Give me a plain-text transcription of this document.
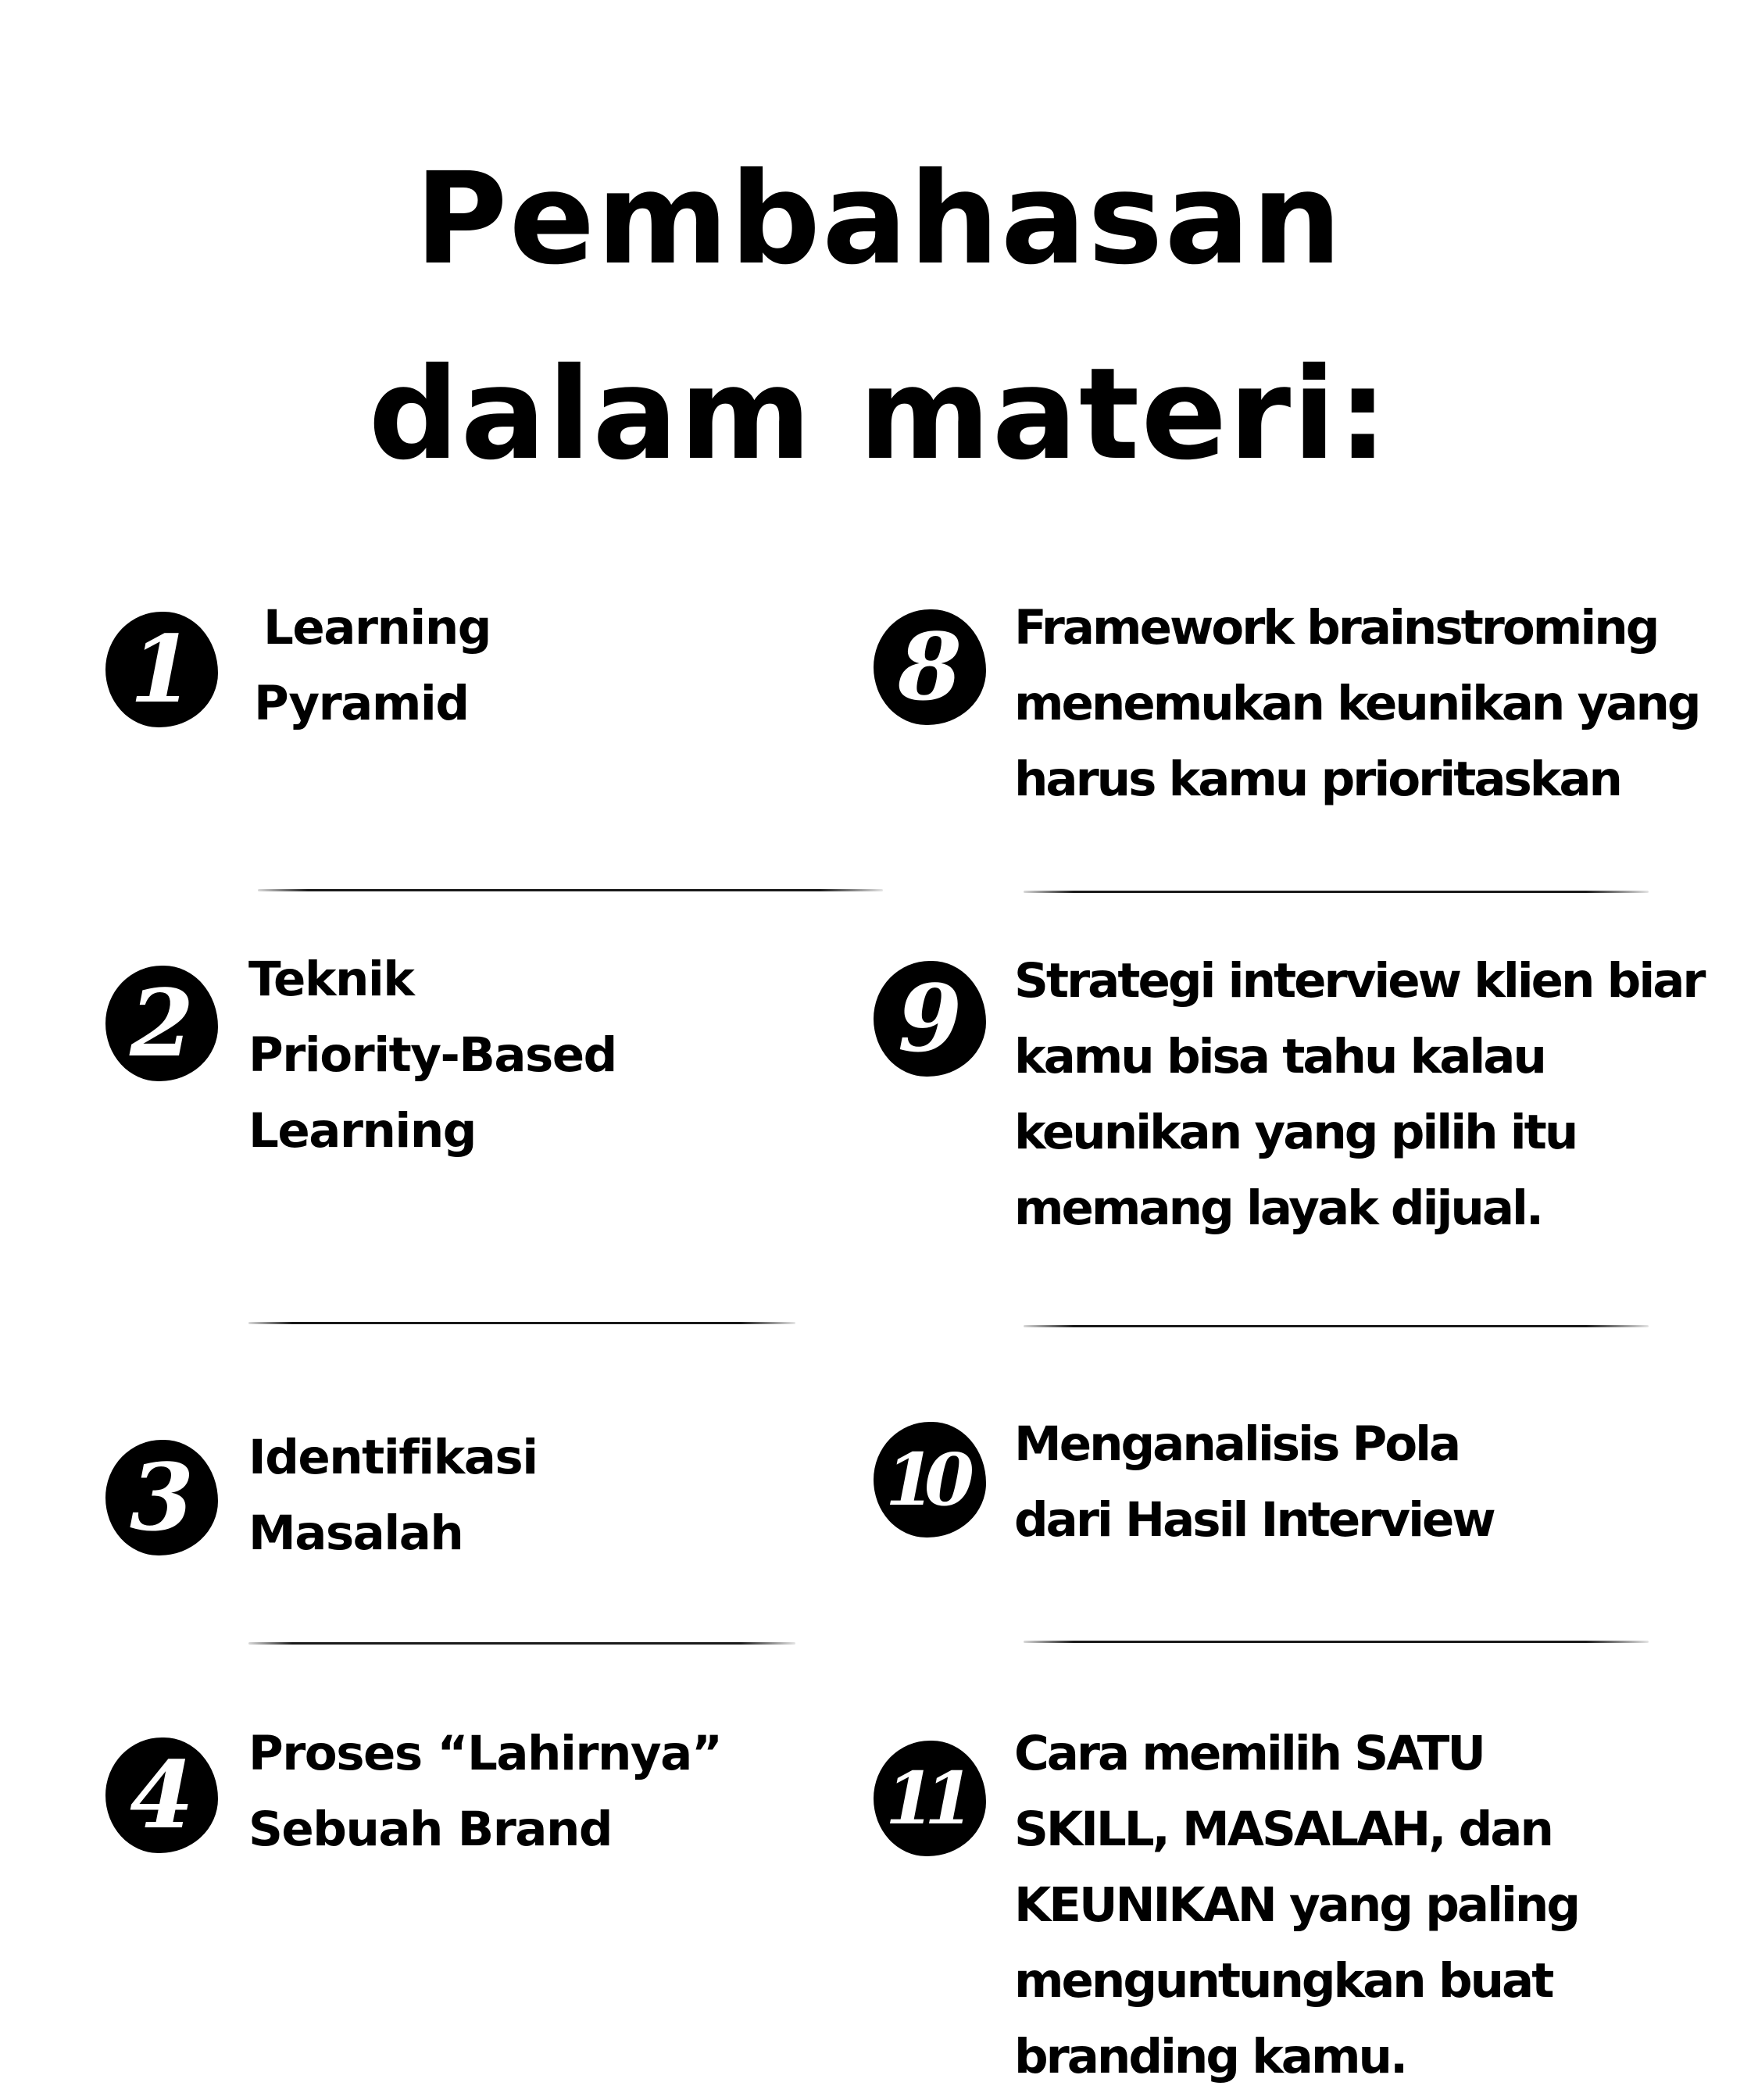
Pembahasan
dalam materi:
1 Learning
Pyramid
2 Teknik
Priority-Based
Learning
3 Identifikasi
Masalah
4 Proses “Lahirnya”
Sebuah Brand
8 Framework brainstroming
menemukan keunikan yang
harus kamu prioritaskan
9 Strategi interview klien biar
kamu bisa tahu kalau
keunikan yang pilih itu
memang layak dijual.
10 Menganalisis Pola
dari Hasil Interview
11
Cara memilih SATU
SKILL, MASALAH, dan
KEUNIKAN yang paling
menguntungkan buat
branding kamu.
